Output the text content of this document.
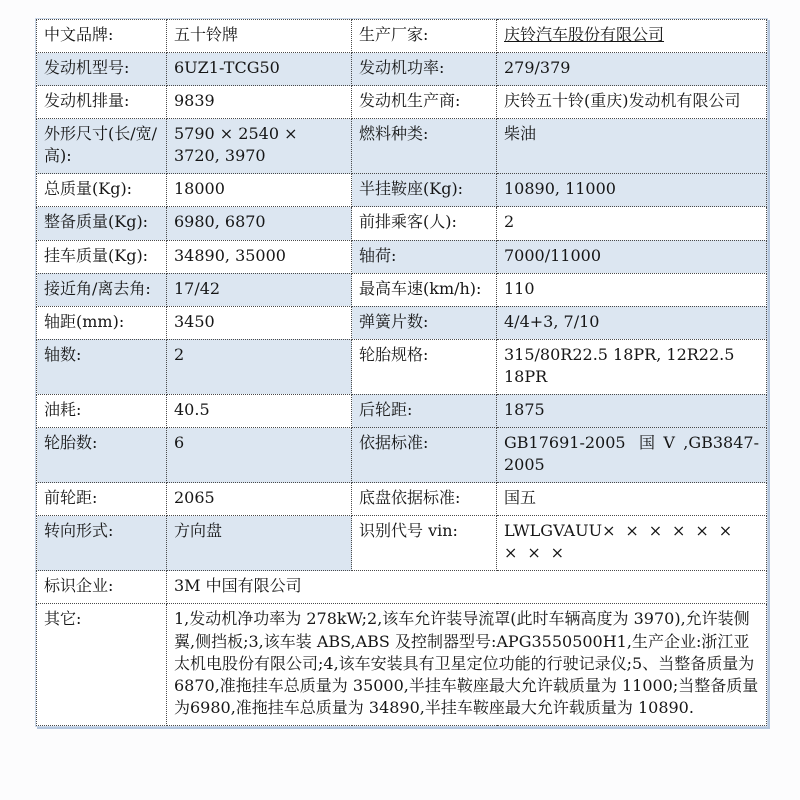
中文品牌:	五十铃牌	生产厂家:	庆铃汽车股份有限公司
发动机型号:	6UZ1-TCG50	发动机功率:	279/379
发动机排量:	9839	发动机生产商:	庆铃五十铃(重庆)发动机有限公司
外形尺寸(长/宽/高):	5790 × 2540 × 3720, 3970	燃料种类:	柴油
总质量(Kg):	18000	半挂鞍座(Kg):	10890, 11000
整备质量(Kg):	6980, 6870	前排乘客(人):	2
挂车质量(Kg):	34890, 35000	轴荷:	7000/11000
接近角/离去角:	17/42	最高车速(km/h):	110
轴距(mm):	3450	弹簧片数:	4/4+3, 7/10
轴数:	2	轮胎规格:	315/80R22.5 18PR, 12R22.5 18PR
油耗:	40.5	后轮距:	1875
轮胎数:	6	依据标准:	GB17691-2005 国Ⅴ,GB3847-2005
前轮距:	2065	底盘依据标准:	国五
转向形式:	方向盘	识别代号 vin:	LWLGVAUU×××××××××
标识企业:	3M 中国有限公司		
其它:	1,发动机净功率为 278kW;2,该车允许装导流罩(此时车辆高度为 3970),允许装侧翼,侧挡板;3,该车装 ABS,ABS 及控制器型号:APG3550500H1,生产企业:浙江亚太机电股份有限公司;4,该车安装具有卫星定位功能的行驶记录仪;5、当整备质量为 6870,准拖挂车总质量为 35000,半挂车鞍座最大允许载质量为 11000;当整备质量为6980,准拖挂车总质量为 34890,半挂车鞍座最大允许载质量为 10890.		
